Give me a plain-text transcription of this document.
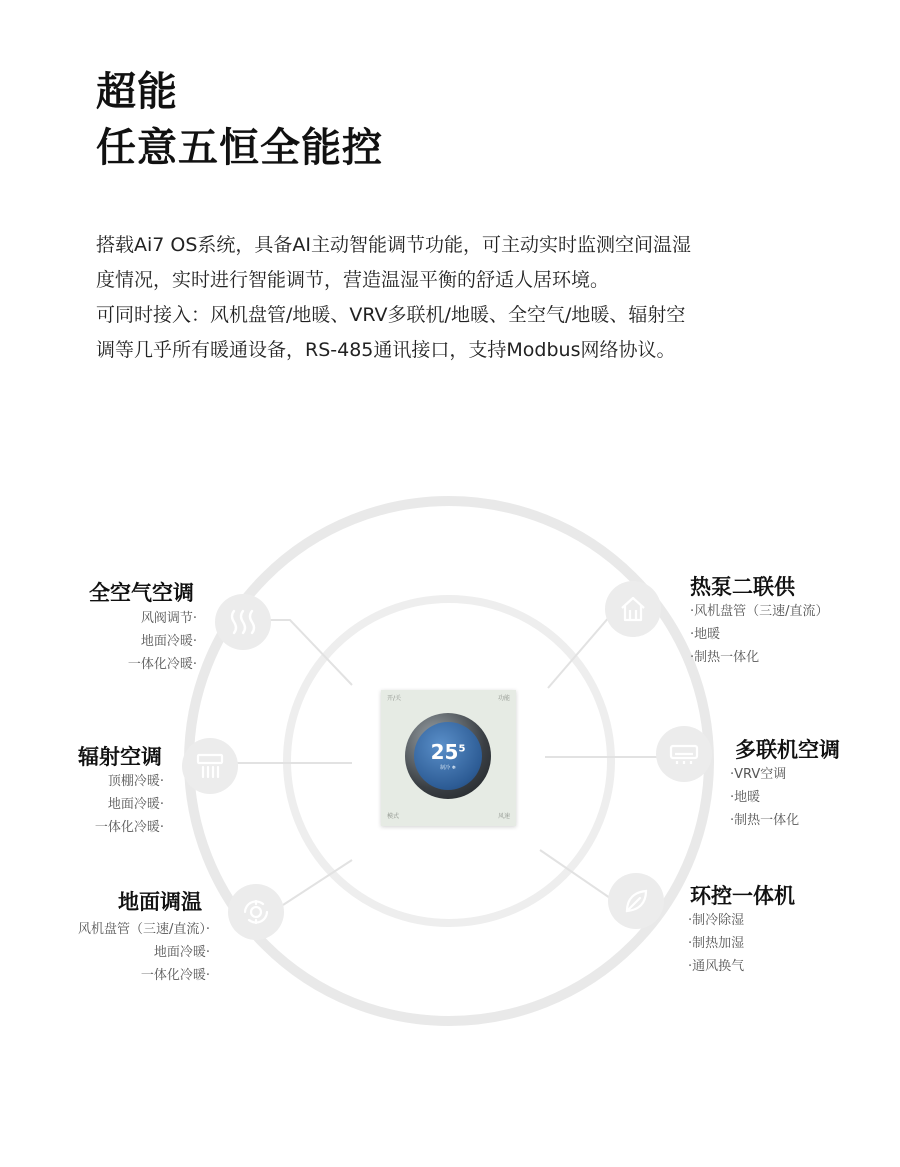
超能
任意五恒全能控
搭载Ai7 OS系统，具备AI主动智能调节功能，可主动实时监测空间温湿
度情况，实时进行智能调节，营造温湿平衡的舒适人居环境。
可同时接入：风机盘管/地暖、VRV多联机/地暖、全空气/地暖、辐射空
调等几乎所有暖通设备，RS-485通讯接口，支持Modbus网络协议。
全空气空调
风阀调节·
地面冷暖·
一体化冷暖·
辐射空调
顶棚冷暖·
地面冷暖·
一体化冷暖·
地面调温
风机盘管（三速/直流）·
地面冷暖·
一体化冷暖·
热泵二联供
·风机盘管（三速/直流）
·地暖
·制热一体化
多联机空调
·VRV空调
·地暖
·制热一体化
环控一体机
·制冷除湿
·制热加湿
·通风换气
开/关	功能
模式	风速
$25^5$
制冷 ❅
